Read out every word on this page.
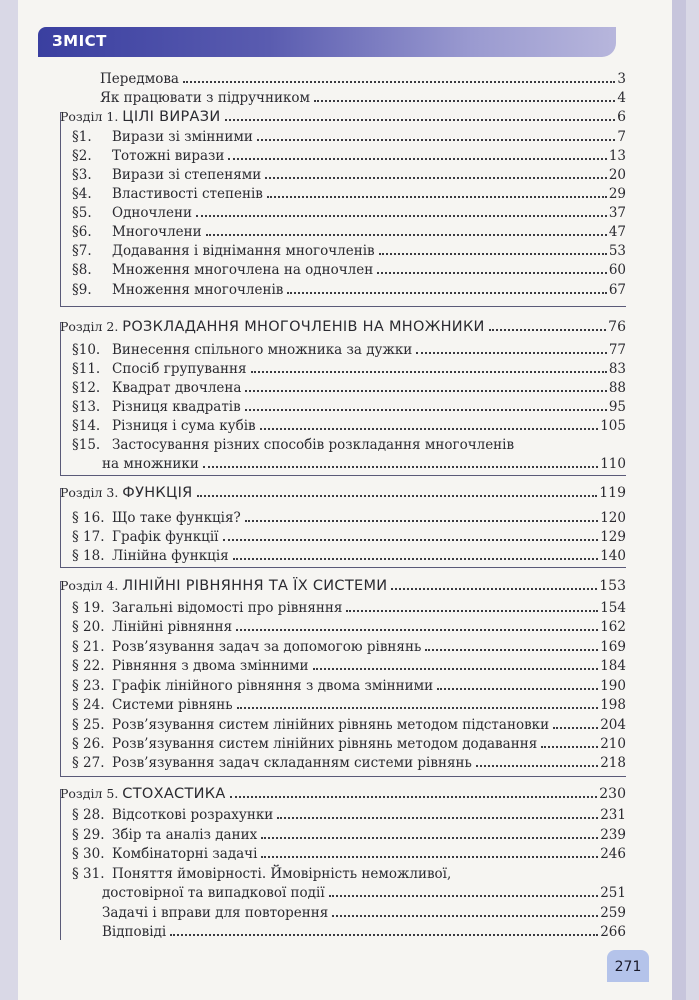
ЗМІСТ
Передмова	3
Як працювати з підручником	4
Розділ 1. ЦІЛІ ВИРАЗИ	6
§1.	Вирази зі змінними	7
§2.	Тотожні вирази	13
§3.	Вирази зі степенями	20
§4.	Властивості степенів	29
§5.	Одночлени	37
§6.	Многочлени	47
§7.	Додавання і віднімання многочленів	53
§8.	Множення многочлена на одночлен	60
§9.	Множення многочленів	67
Розділ 2. РОЗКЛАДАННЯ МНОГОЧЛЕНІВ НА МНОЖНИКИ	76
§10. Винесення спільного множника за дужки	77
§11. Спосіб групування	83
§12. Квадрат двочлена	88
§13. Різниця квадратів	95
§14. Різниця і сума кубів	105
§15. Застосування різних способів розкладання многочленів
на множники	110
Розділ 3. ФУНКЦІЯ	119
§ 16. Що таке функція?	120
§ 17. Графік функції	129
§ 18. Лінійна функція	140
Розділ 4. ЛІНІЙНІ РІВНЯННЯ ТА ЇХ СИСТЕМИ	153
§ 19. Загальні відомості про рівняння	154
§ 20. Лінійні рівняння	162
§ 21. Розв’язування задач за допомогою рівнянь	169
§ 22. Рівняння з двома змінними	184
§ 23. Графік лінійного рівняння з двома змінними	190
§ 24. Системи рівнянь	198
§ 25. Розв’язування систем лінійних рівнянь методом підстановки	204
§ 26. Розв’язування систем лінійних рівнянь методом додавання	210
§ 27. Розв’язування задач складанням системи рівнянь	218
Розділ 5. СТОХАСТИКА	230
§ 28. Відсоткові розрахунки	231
§ 29. Збір та аналіз даних	239
§ 30. Комбінаторні задачі	246
§ 31. Поняття ймовірності. Ймовірність неможливої,
достовірної та випадкової події	251
Задачі і вправи для повторення	259
Відповіді	266
271
